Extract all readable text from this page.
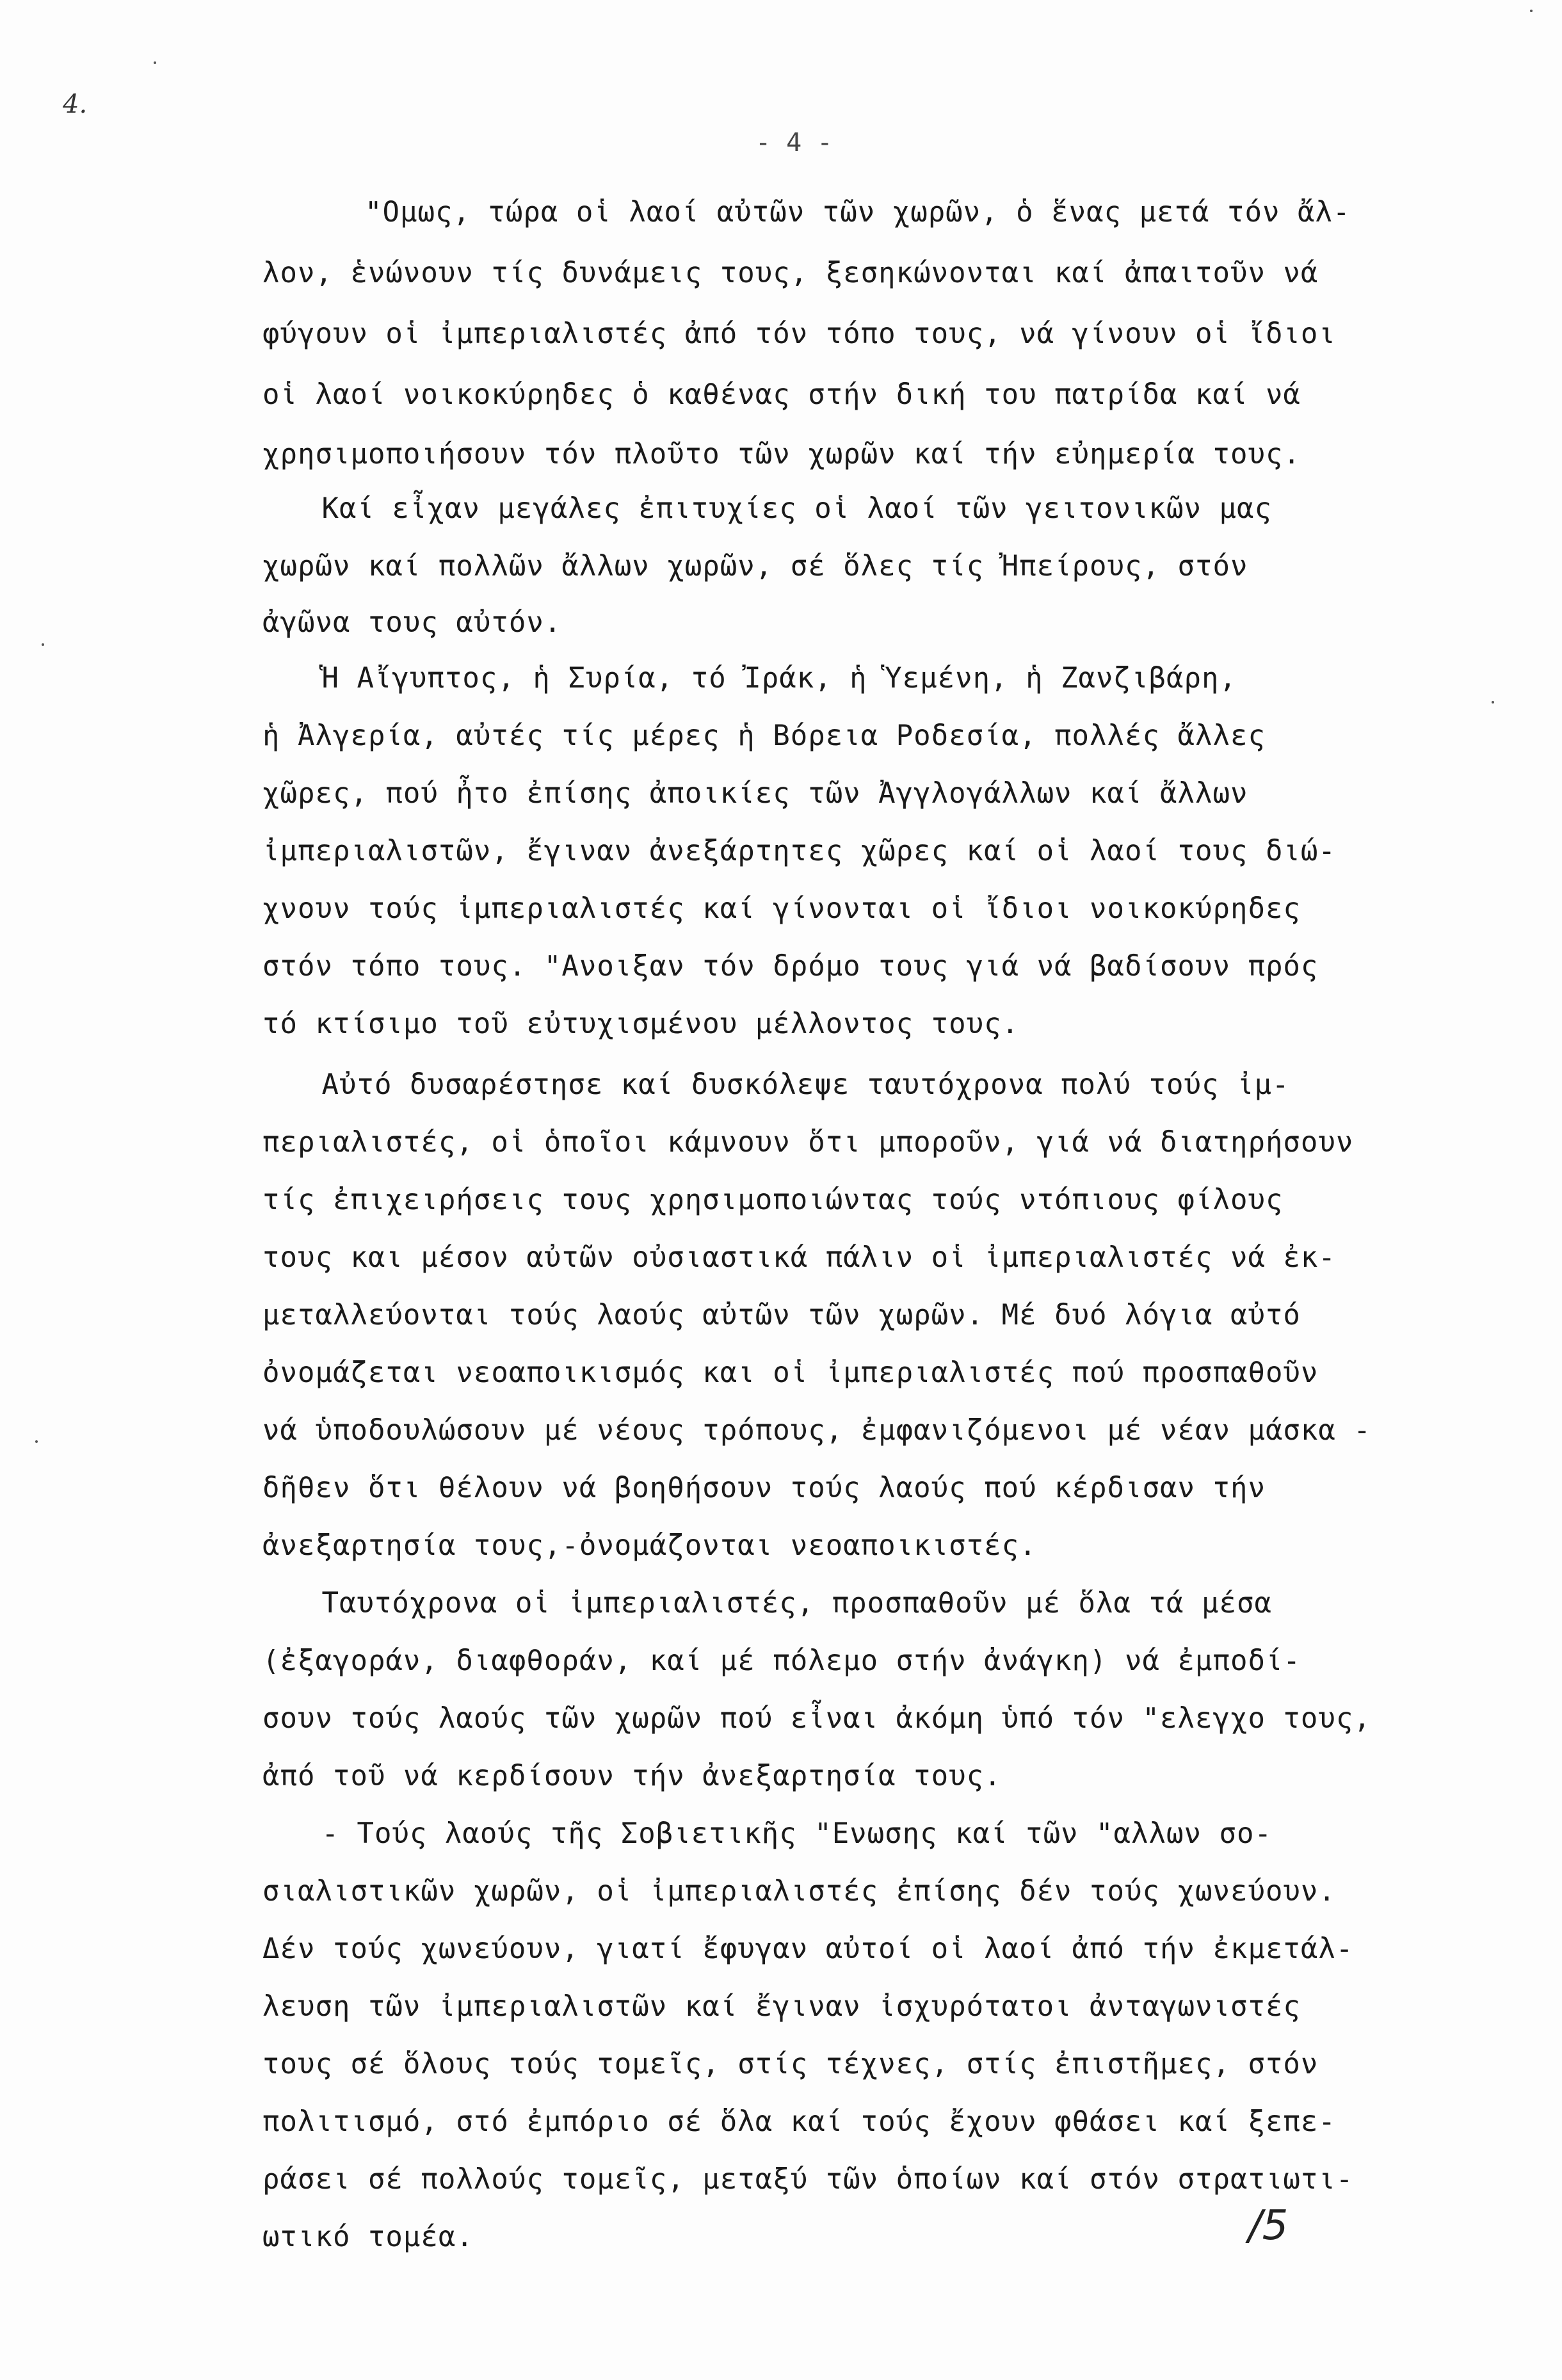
4.
- 4 -
"Ομως, τώρα οἱ λαοί αὐτῶν τῶν χωρῶν, ὁ ἕνας μετά τόν ἄλ-
λον, ἑνώνουν τίς δυνάμεις τους, ξεσηκώνονται καί ἀπαιτοῦν νά
φύγουν οἱ ἰμπεριαλιστές ἀπό τόν τόπο τους, νά γίνουν οἱ ἴδιοι
οἱ λαοί νοικοκύρηδες ὁ καθένας στήν δική του πατρίδα καί νά
χρησιμοποιήσουν τόν πλοῦτο τῶν χωρῶν καί τήν εὐημερία τους.
Καί εἶχαν μεγάλες ἐπιτυχίες οἱ λαοί τῶν γειτονικῶν μας
χωρῶν καί πολλῶν ἄλλων χωρῶν, σέ ὅλες τίς Ἠπείρους, στόν
ἀγῶνα τους αὐτόν.
Ἡ Αἴγυπτος, ἡ Συρία, τό Ἰράκ, ἡ Ὑεμένη, ἡ Ζανζιβάρη,
ἡ Ἀλγερία, αὐτές τίς μέρες ἡ Βόρεια Ροδεσία, πολλές ἄλλες
χῶρες, πού ἦτο ἐπίσης ἀποικίες τῶν Ἀγγλογάλλων καί ἄλλων
ἰμπεριαλιστῶν, ἔγιναν ἀνεξάρτητες χῶρες καί οἱ λαοί τους διώ-
χνουν τούς ἰμπεριαλιστές καί γίνονται οἱ ἴδιοι νοικοκύρηδες
στόν τόπο τους. "Ανοιξαν τόν δρόμο τους γιά νά βαδίσουν πρός
τό κτίσιμο τοῦ εὐτυχισμένου μέλλοντος τους.
Αὐτό δυσαρέστησε καί δυσκόλεψε ταυτόχρονα πολύ τούς ἰμ-
περιαλιστές, οἱ ὁποῖοι κάμνουν ὅτι μποροῦν, γιά νά διατηρήσουν
τίς ἐπιχειρήσεις τους χρησιμοποιώντας τούς ντόπιους φίλους
τους και μέσον αὐτῶν οὐσιαστικά πάλιν οἱ ἰμπεριαλιστές νά ἐκ-
μεταλλεύονται τούς λαούς αὐτῶν τῶν χωρῶν. Μέ δυό λόγια αὐτό
ὀνομάζεται νεοαποικισμός και οἱ ἰμπεριαλιστές πού προσπαθοῦν
νά ὑποδουλώσουν μέ νέους τρόπους, ἐμφανιζόμενοι μέ νέαν μάσκα -
δῆθεν ὅτι θέλουν νά βοηθήσουν τούς λαούς πού κέρδισαν τήν
ἀνεξαρτησία τους,-ὀνομάζονται νεοαποικιστές.
Ταυτόχρονα οἱ ἰμπεριαλιστές, προσπαθοῦν μέ ὅλα τά μέσα
(ἐξαγοράν, διαφθοράν, καί μέ πόλεμο στήν ἀνάγκη) νά ἐμποδί-
σουν τούς λαούς τῶν χωρῶν πού εἶναι ἀκόμη ὑπό τόν "ελεγχο τους,
ἀπό τοῦ νά κερδίσουν τήν ἀνεξαρτησία τους.
- Τούς λαούς τῆς Σοβιετικῆς "Ενωσης καί τῶν "αλλων σο-
σιαλιστικῶν χωρῶν, οἱ ἰμπεριαλιστές ἐπίσης δέν τούς χωνεύουν.
Δέν τούς χωνεύουν, γιατί ἔφυγαν αὐτοί οἱ λαοί ἀπό τήν ἐκμετάλ-
λευση τῶν ἰμπεριαλιστῶν καί ἔγιναν ἰσχυρότατοι ἀνταγωνιστές
τους σέ ὅλους τούς τομεῖς, στίς τέχνες, στίς ἐπιστῆμες, στόν
πολιτισμό, στό ἐμπόριο σέ ὅλα καί τούς ἔχουν φθάσει καί ξεπε-
ράσει σέ πολλούς τομεῖς, μεταξύ τῶν ὁποίων καί στόν στρατιωτι-
ωτικό τομέα.	/5
